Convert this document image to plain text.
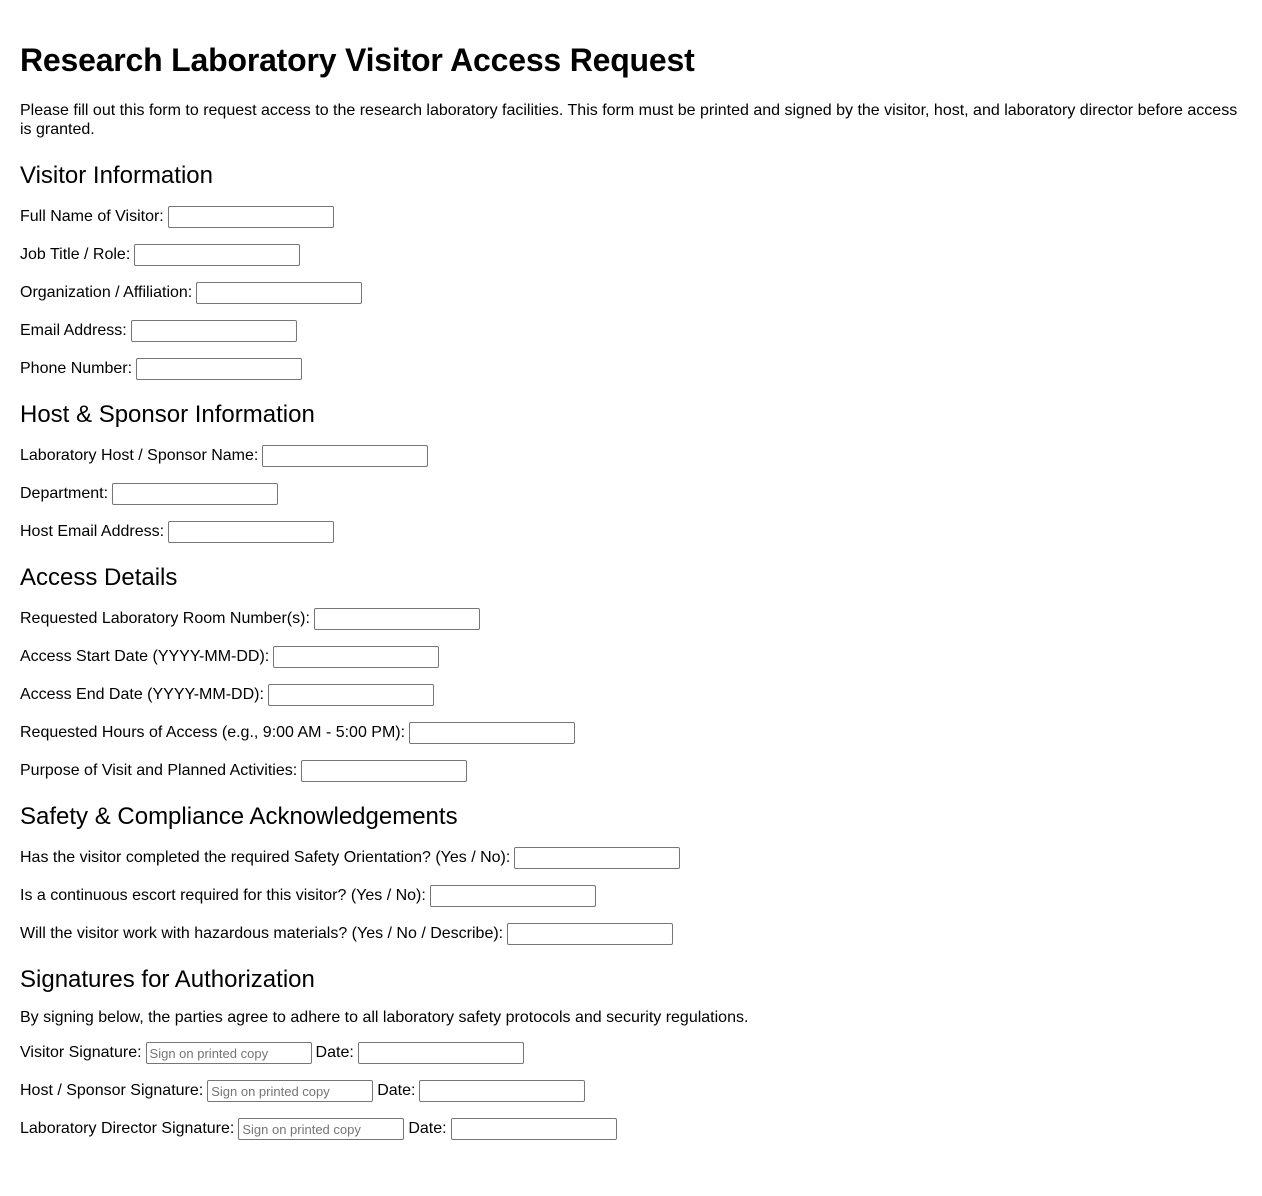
Research Laboratory Visitor Access Request

Please fill out this form to request access to the research laboratory facilities. This form must be printed and signed by the visitor, host, and laboratory director before access is granted.

Visitor Information
Full Name of Visitor:
Job Title / Role:
Organization / Affiliation:
Email Address:
Phone Number:
Host & Sponsor Information
Laboratory Host / Sponsor Name:
Department:
Host Email Address:
Access Details
Requested Laboratory Room Number(s):
Access Start Date (YYYY-MM-DD):
Access End Date (YYYY-MM-DD):
Requested Hours of Access (e.g., 9:00 AM - 5:00 PM):
Purpose of Visit and Planned Activities:
Safety & Compliance Acknowledgements
Has the visitor completed the required Safety Orientation? (Yes / No):
Is a continuous escort required for this visitor? (Yes / No):
Will the visitor work with hazardous materials? (Yes / No / Describe):
Signatures for Authorization

By signing below, the parties agree to adhere to all laboratory safety protocols and security regulations.

Visitor Signature:
Sign on printed copy	Date:
Host / Sponsor Signature:
Sign on printed copy	Date:
Laboratory Director Signature:
Sign on printed copy	Date:
